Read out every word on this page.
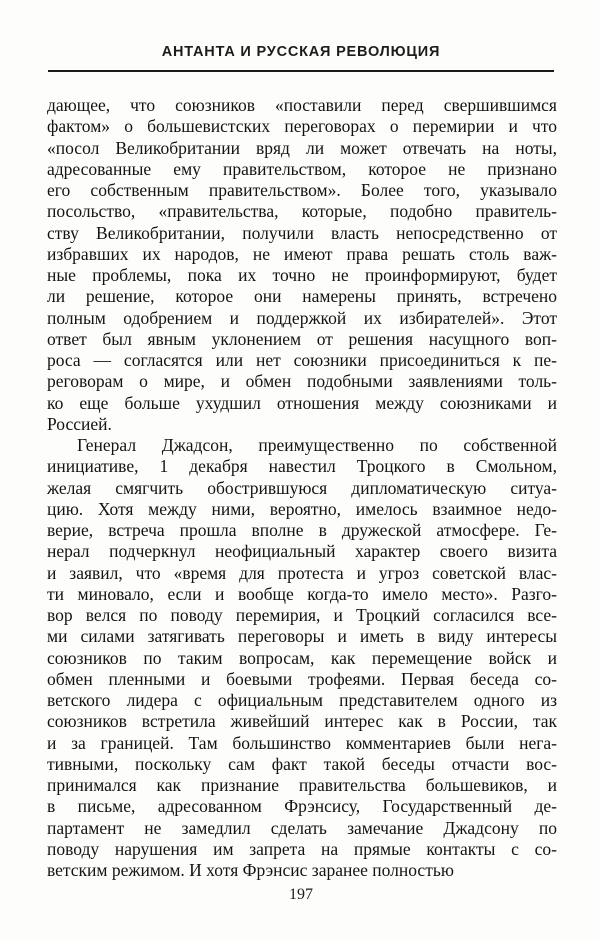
АНТАНТА И РУССКАЯ РЕВОЛЮЦИЯ
дающее, что союзников «поставили перед свершившимся
фактом» о большевистских переговорах о перемирии и что
«посол Великобритании вряд ли может отвечать на ноты,
адресованные ему правительством, которое не признано
его собственным правительством». Более того, указывало
посольство, «правительства, которые, подобно правитель-
ству Великобритании, получили власть непосредственно от
избравших их народов, не имеют права решать столь важ-
ные проблемы, пока их точно не проинформируют, будет
ли решение, которое они намерены принять, встречено
полным одобрением и поддержкой их избирателей». Этот
ответ был явным уклонением от решения насущного воп-
роса — согласятся или нет союзники присоединиться к пе-
реговорам о мире, и обмен подобными заявлениями толь-
ко еще больше ухудшил отношения между союзниками и
Россией.
Генерал Джадсон, преимущественно по собственной
инициативе, 1 декабря навестил Троцкого в Смольном,
желая смягчить обострившуюся дипломатическую ситуа-
цию. Хотя между ними, вероятно, имелось взаимное недо-
верие, встреча прошла вполне в дружеской атмосфере. Ге-
нерал подчеркнул неофициальный характер своего визита
и заявил, что «время для протеста и угроз советской влас-
ти миновало, если и вообще когда-то имело место». Разго-
вор велся по поводу перемирия, и Троцкий согласился все-
ми силами затягивать переговоры и иметь в виду интересы
союзников по таким вопросам, как перемещение войск и
обмен пленными и боевыми трофеями. Первая беседа со-
ветского лидера с официальным представителем одного из
союзников встретила живейший интерес как в России, так
и за границей. Там большинство комментариев были нега-
тивными, поскольку сам факт такой беседы отчасти вос-
принимался как признание правительства большевиков, и
в письме, адресованном Фрэнсису, Государственный де-
партамент не замедлил сделать замечание Джадсону по
поводу нарушения им запрета на прямые контакты с со-
ветским режимом. И хотя Фрэнсис заранее полностью
197
